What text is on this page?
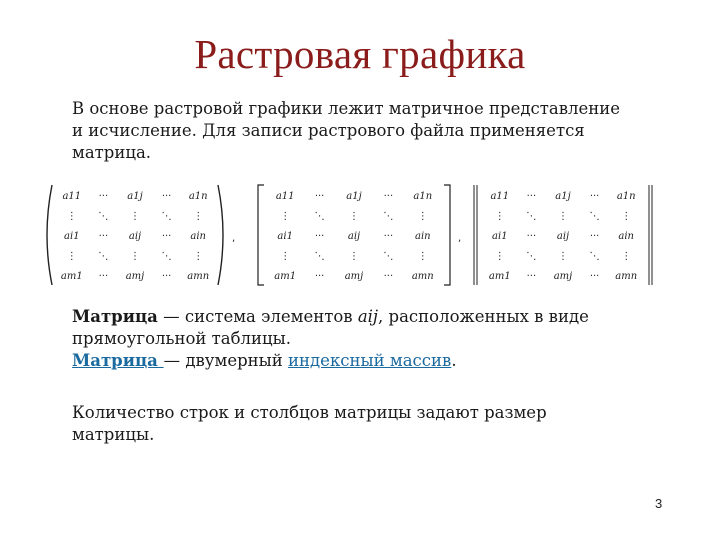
Растровая графика
В основе растровой графики лежит матричное представление
и исчисление. Для записи растрового файла применяется
матрица.
a11 ··· a1j ··· a1n
⋮ ⋱ ⋮ ⋱ ⋮
ai1 ··· aij ··· ain
⋮ ⋱ ⋮ ⋱ ⋮
am1 ··· amj ··· amn
,
a11 ··· a1j ··· a1n
⋮ ⋱ ⋮ ⋱ ⋮
ai1 ··· aij ··· ain
⋮ ⋱ ⋮ ⋱ ⋮
am1 ··· amj ··· amn
,
a11 ··· a1j ··· a1n
⋮ ⋱ ⋮ ⋱ ⋮
ai1 ··· aij ··· ain
⋮ ⋱ ⋮ ⋱ ⋮
am1 ··· amj ··· amn
Матрица — система элементов aij, расположенных в виде
прямоугольной таблицы.
Матрица — двумерный индексный массив.
Количество строк и столбцов матрицы задают размер
матрицы.
3
